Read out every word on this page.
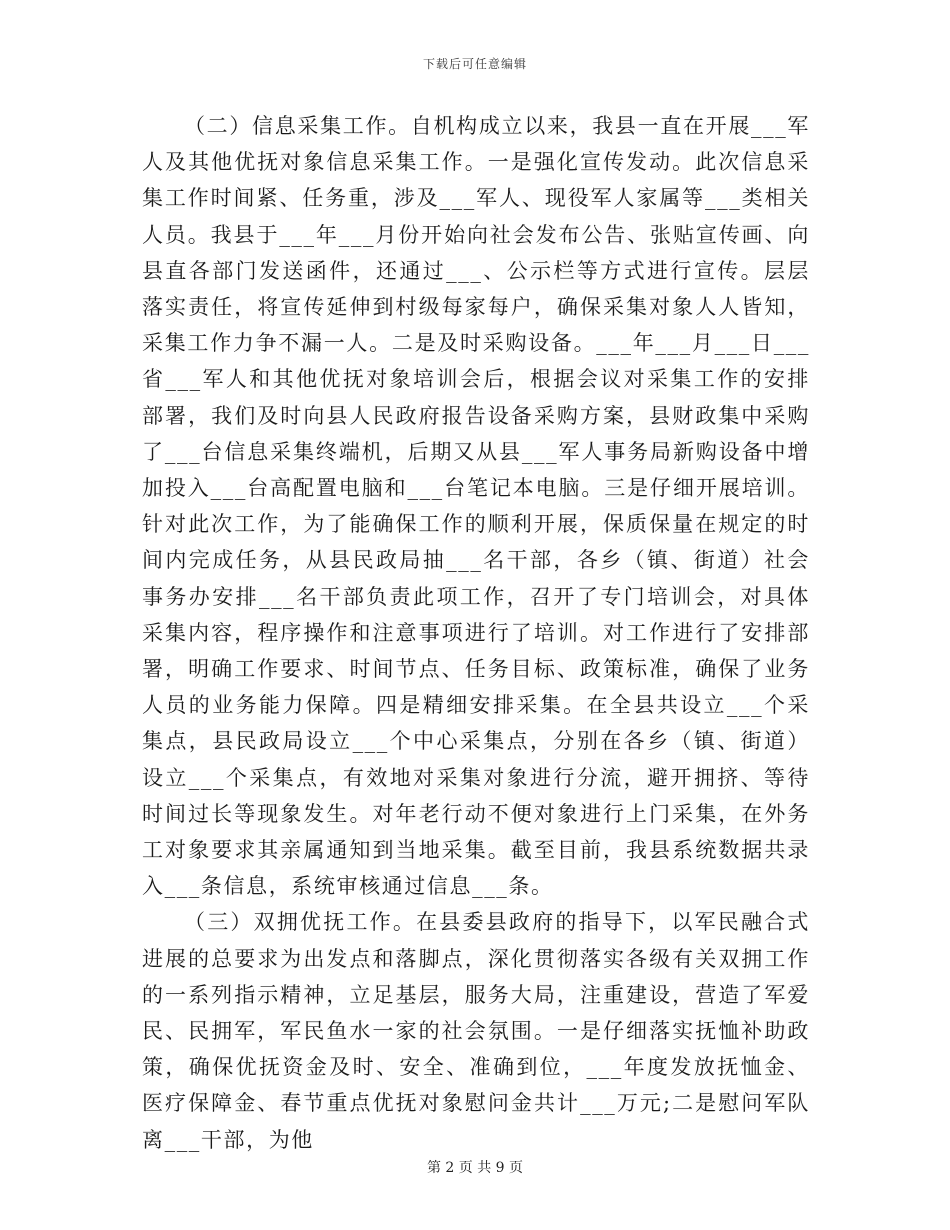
下载后可任意编辑

（二）信息采集工作。自机构成立以来，我县一直在开展___军人及其他优抚对象信息采集工作。一是强化宣传发动。此次信息采集工作时间紧、任务重，涉及___军人、现役军人家属等___类相关人员。我县于___年___月份开始向社会发布公告、张贴宣传画、向县直各部门发送函件，还通过___、公示栏等方式进行宣传。层层落实责任，将宣传延伸到村级每家每户，确保采集对象人人皆知，采集工作力争不漏一人。二是及时采购设备。___年___月___日___省___军人和其他优抚对象培训会后，根据会议对采集工作的安排部署，我们及时向县人民政府报告设备采购方案，县财政集中采购了___台信息采集终端机，后期又从县___军人事务局新购设备中增加投入___台高配置电脑和___台笔记本电脑。三是仔细开展培训。针对此次工作，为了能确保工作的顺利开展，保质保量在规定的时间内完成任务，从县民政局抽___名干部，各乡（镇、街道）社会事务办安排___名干部负责此项工作，召开了专门培训会，对具体采集内容，程序操作和注意事项进行了培训。对工作进行了安排部署，明确工作要求、时间节点、任务目标、政策标准，确保了业务人员的业务能力保障。四是精细安排采集。在全县共设立___个采集点，县民政局设立___个中心采集点，分别在各乡（镇、街道）设立___个采集点，有效地对采集对象进行分流，避开拥挤、等待时间过长等现象发生。对年老行动不便对象进行上门采集，在外务工对象要求其亲属通知到当地采集。截至目前，我县系统数据共录入___条信息，系统审核通过信息___条。

（三）双拥优抚工作。在县委县政府的指导下，以军民融合式进展的总要求为出发点和落脚点，深化贯彻落实各级有关双拥工作的一系列指示精神，立足基层，服务大局，注重建设，营造了军爱民、民拥军，军民鱼水一家的社会氛围。一是仔细落实抚恤补助政策，确保优抚资金及时、安全、准确到位，___年度发放抚恤金、医疗保障金、春节重点优抚对象慰问金共计___万元;二是慰问军队离___干部，为他

第 2 页 共 9 页
